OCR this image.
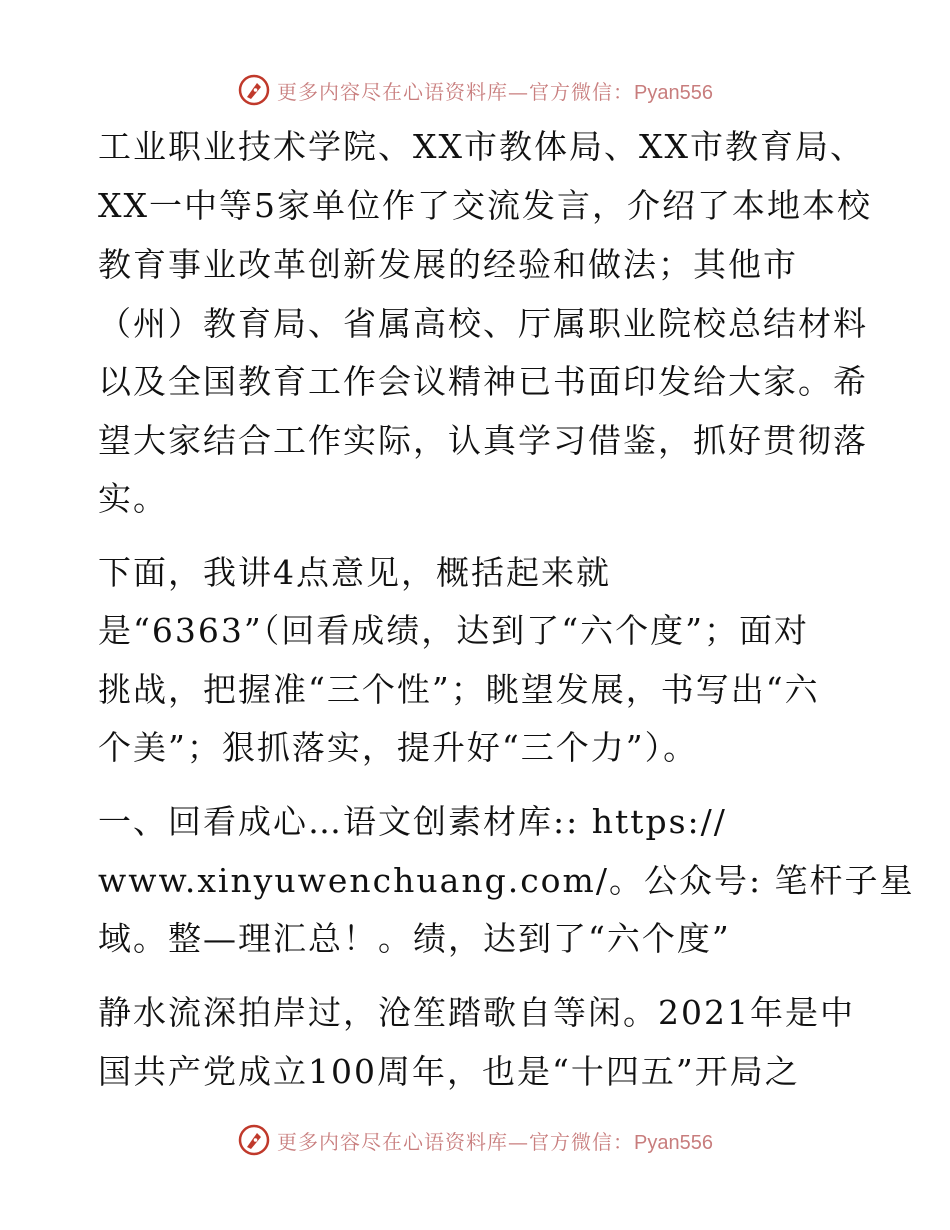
更多内容尽在心语资料库—官方微信：Pyan556
工业职业技术学院、XX市教体局、XX市教育局、
XX一中等5家单位作了交流发言，介绍了本地本校
教育事业改革创新发展的经验和做法；其他市
（州）教育局、省属高校、厅属职业院校总结材料
以及全国教育工作会议精神已书面印发给大家。希
望大家结合工作实际，认真学习借鉴，抓好贯彻落
实。
下面，我讲4点意见，概括起来就
是“6363”（回看成绩，达到了“六个度”；面对
挑战，把握准“三个性”；眺望发展，书写出“六
个美”；狠抓落实，提升好“三个力”）。
一、回看成心…语文创素材库:: https://
www.xinyuwenchuang.com/。公众号: 笔杆子星
域。整—理汇总！。绩，达到了“六个度”
静水流深拍岸过，沧笙踏歌自等闲。2021年是中
国共产党成立100周年，也是“十四五”开局之
更多内容尽在心语资料库—官方微信：Pyan556
